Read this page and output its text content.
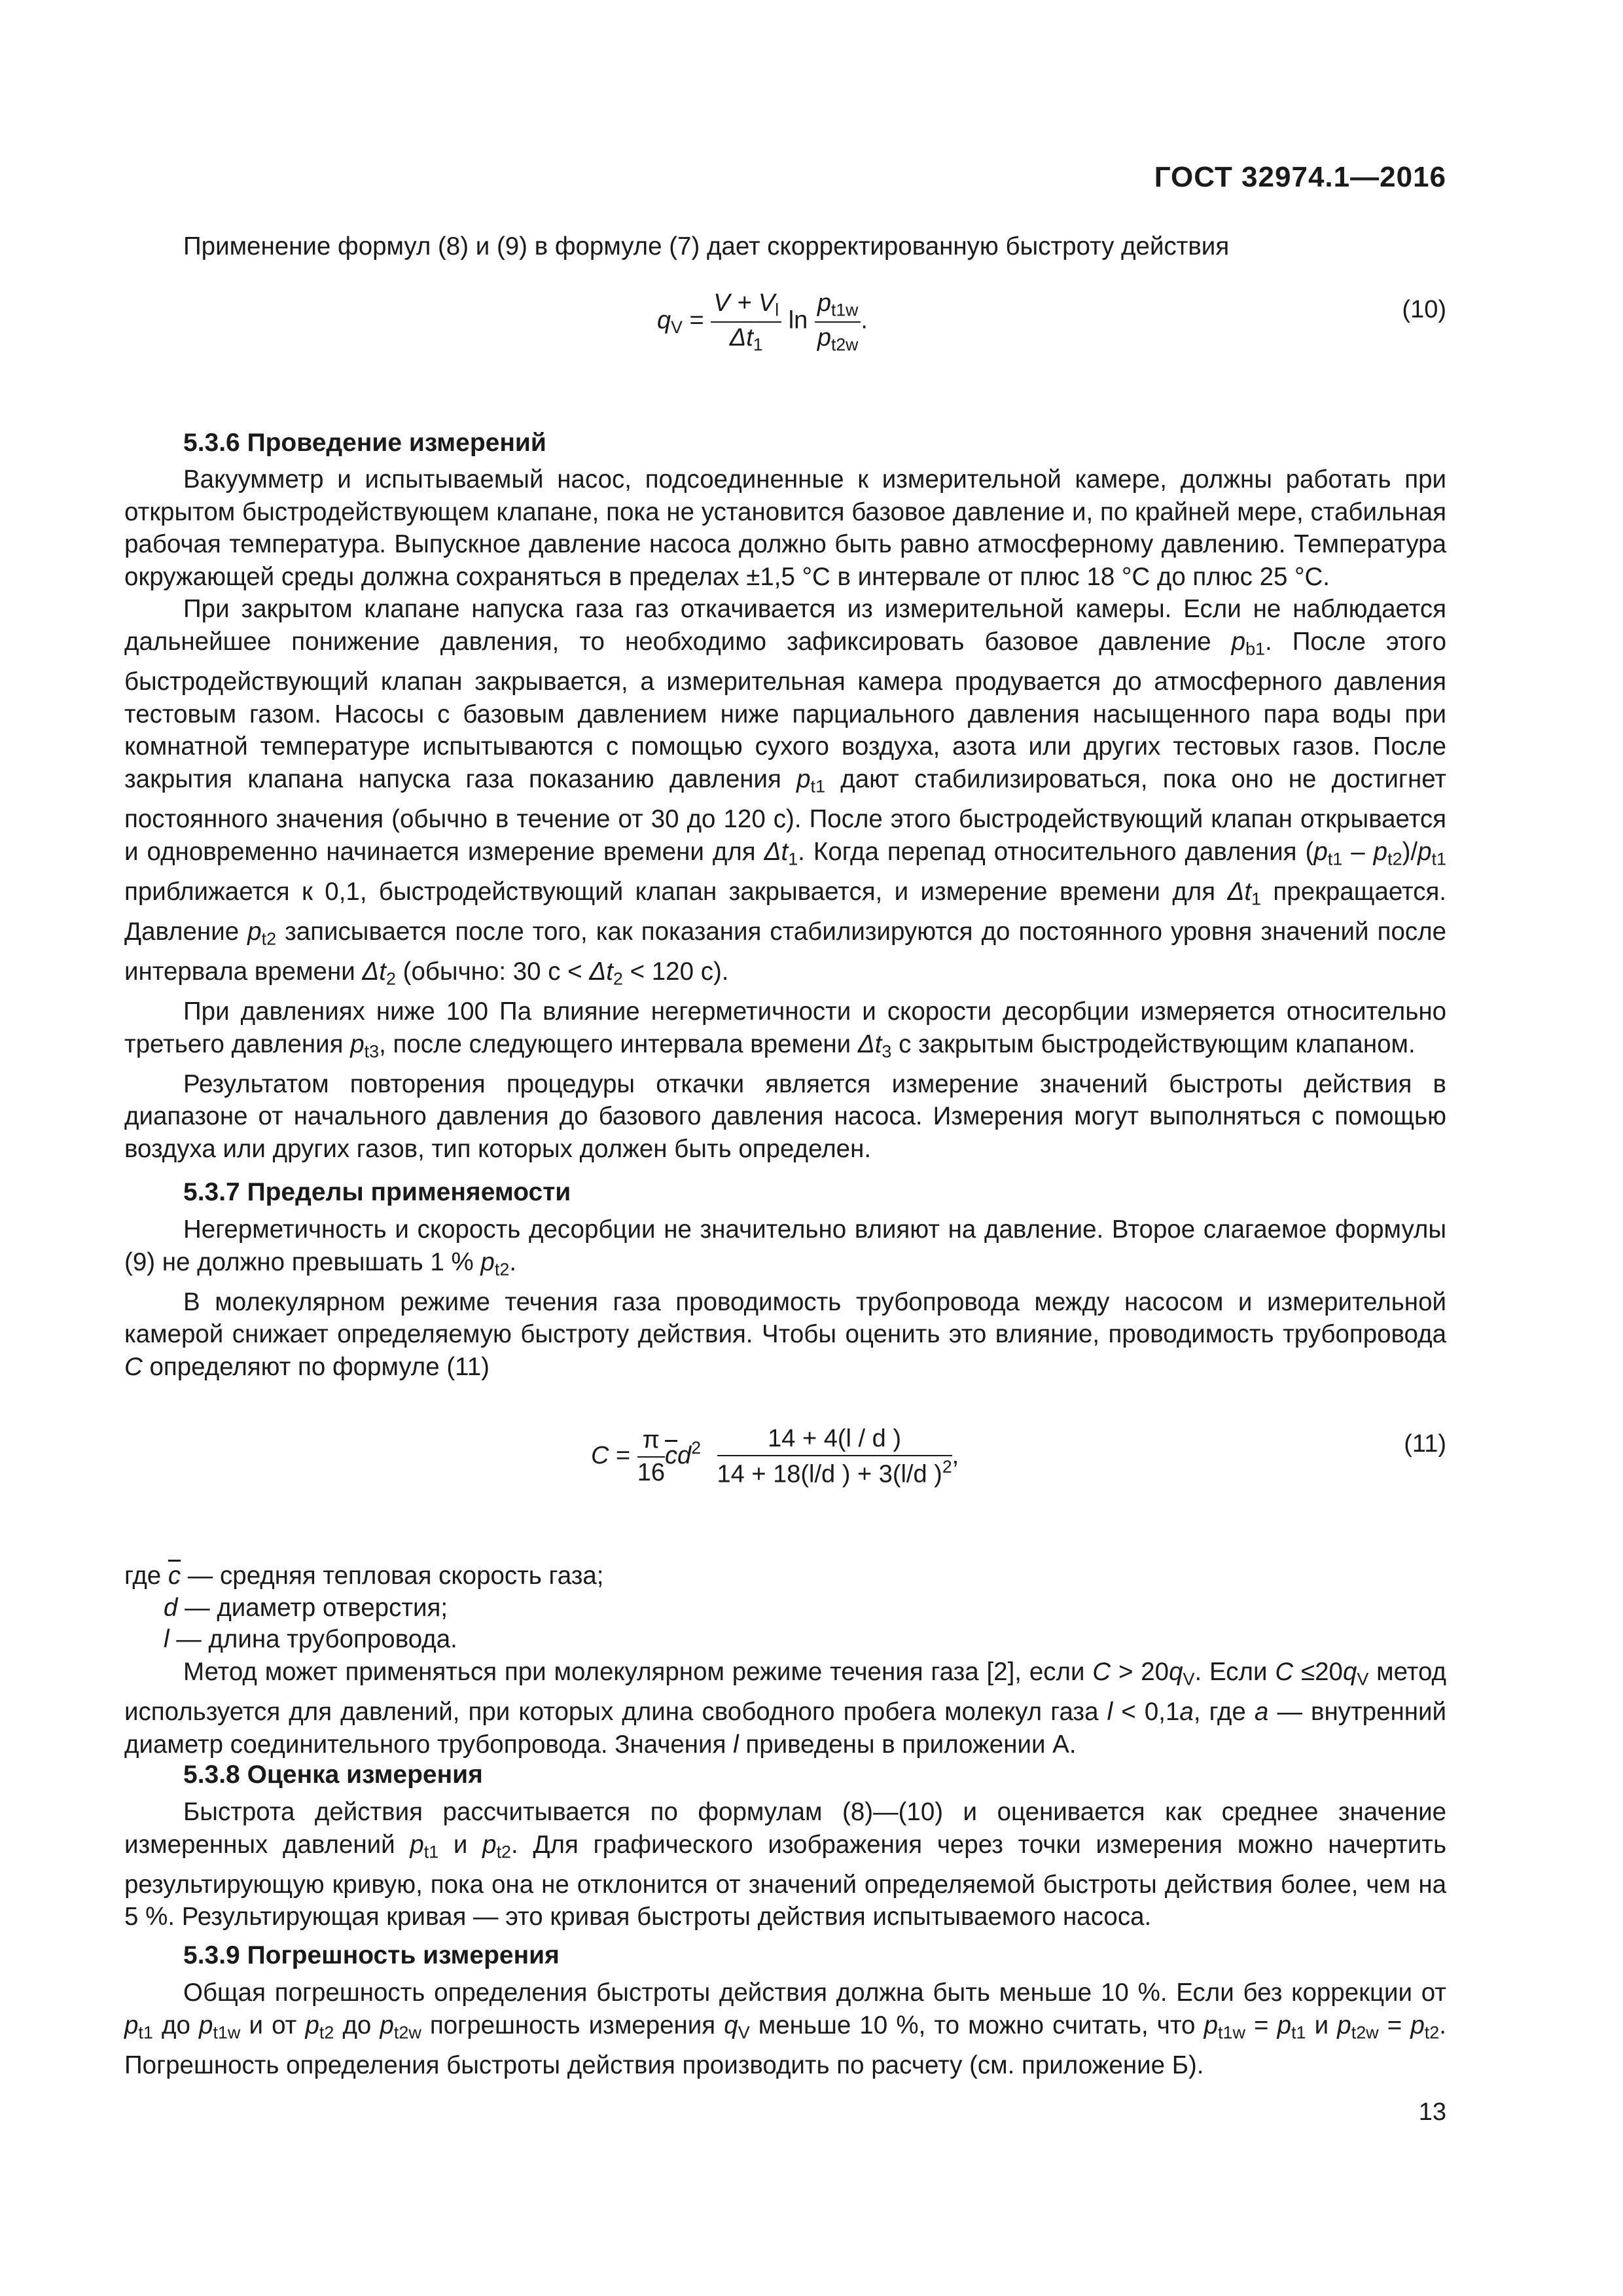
ГОСТ 32974.1—2016

Применение формул (8) и (9) в формуле (7) дает скорректированную быстроту действия

$q_V = \frac{V + V_l}{\Delta t_1}$ $\ln \frac{p_{t1w}}{p_{t2w}}$ .	(10)
5.3.6 Проведение измерений

Вакуумметр и испытываемый насос, подсоединенные к измерительной камере, должны работать при открытом быстродействующем клапане, пока не установится базовое давление и, по крайней мере, стабильная рабочая температура. Выпускное давление насоса должно быть равно атмосферному давлению. Температура окружающей среды должна сохраняться в пределах ±1,5 °С в интервале от плюс 18 °С до плюс 25 °С.

При закрытом клапане напуска газа газ откачивается из измерительной камеры. Если не наблюдается дальнейшее понижение давления, то необходимо зафиксировать базовое давление $p_{b1}$. После этого быстродействующий клапан закрывается, а измерительная камера продувается до атмосферного давления тестовым газом. Насосы с базовым давлением ниже парциального давления насыщенного пара воды при комнатной температуре испытываются с помощью сухого воздуха, азота или других тестовых газов. После закрытия клапана напуска газа показанию давления $p_{t1}$ дают стабилизироваться, пока оно не достигнет постоянного значения (обычно в течение от 30 до 120 с). После этого быстродействующий клапан открывается и одновременно начинается измерение времени для $\Delta t_1$. Когда перепад относительного давления $(p_{t1} - p_{t2})/p_{t1}$ приближается к 0,1, быстродействующий клапан закрывается, и измерение времени для $\Delta t_1$ прекращается. Давление $p_{t2}$ записывается после того, как показания стабилизируются до постоянного уровня значений после интервала времени $\Delta t_2$ (обычно: 30 $с < \Delta t_2 < 120$ с).

При давлениях ниже 100 Па влияние негерметичности и скорости десорбции измеряется относительно третьего давления $p_{t3}$, после следующего интервала времени $\Delta t_3$ с закрытым быстродействующим клапаном.

Результатом повторения процедуры откачки является измерение значений быстроты действия в диапазоне от начального давления до базового давления насоса. Измерения могут выполняться с помощью воздуха или других газов, тип которых должен быть определен.

5.3.7 Пределы применяемости

Негерметичность и скорость десорбции не значительно влияют на давление. Второе слагаемое формулы (9) не должно превышать 1 % $p_{t2}$.

В молекулярном режиме течения газа проводимость трубопровода между насосом и измерительной камерой снижает определяемую быстроту действия. Чтобы оценить это влияние, проводимость трубопровода C определяют по формуле (11)

$C = \frac{\pi}{16} \overline{c}d^2 \frac{14 + 4(l / d )}{14 + 18(l/d ) + 3(l/d )^2}$ ,	(11)

где $\overline{c}$ — средняя тепловая скорость газа;

d — диаметр отверстия;

l — длина трубопровода.

Метод может применяться при молекулярном режиме течения газа [2], если $C > 20q_V$. Если $C \le 20q_V$ метод используется для давлений, при которых длина свободного пробега молекул газа l < 0,1a, где a — внутренний диаметр соединительного трубопровода. Значения l приведены в приложении А.

5.3.8 Оценка измерения

Быстрота действия рассчитывается по формулам (8)—(10) и оценивается как среднее значение измеренных давлений $p_{t1}$ и $p_{t2}$. Для графического изображения через точки измерения можно начертить результирующую кривую, пока она не отклонится от значений определяемой быстроты действия более, чем на 5 %. Результирующая кривая — это кривая быстроты действия испытываемого насоса.

5.3.9 Погрешность измерения

Общая погрешность определения быстроты действия должна быть меньше 10 %. Если без коррекции от $p_{t1}$ до $p_{t1w}$ и от $p_{t2}$ до $p_{t2w}$ погрешность измерения $q_V$ меньше 10 %, то можно считать, что $p_{t1w} = p_{t1}$ и $p_{t2w} = p_{t2}$. Погрешность определения быстроты действия производить по расчету (см. приложение Б).

13
